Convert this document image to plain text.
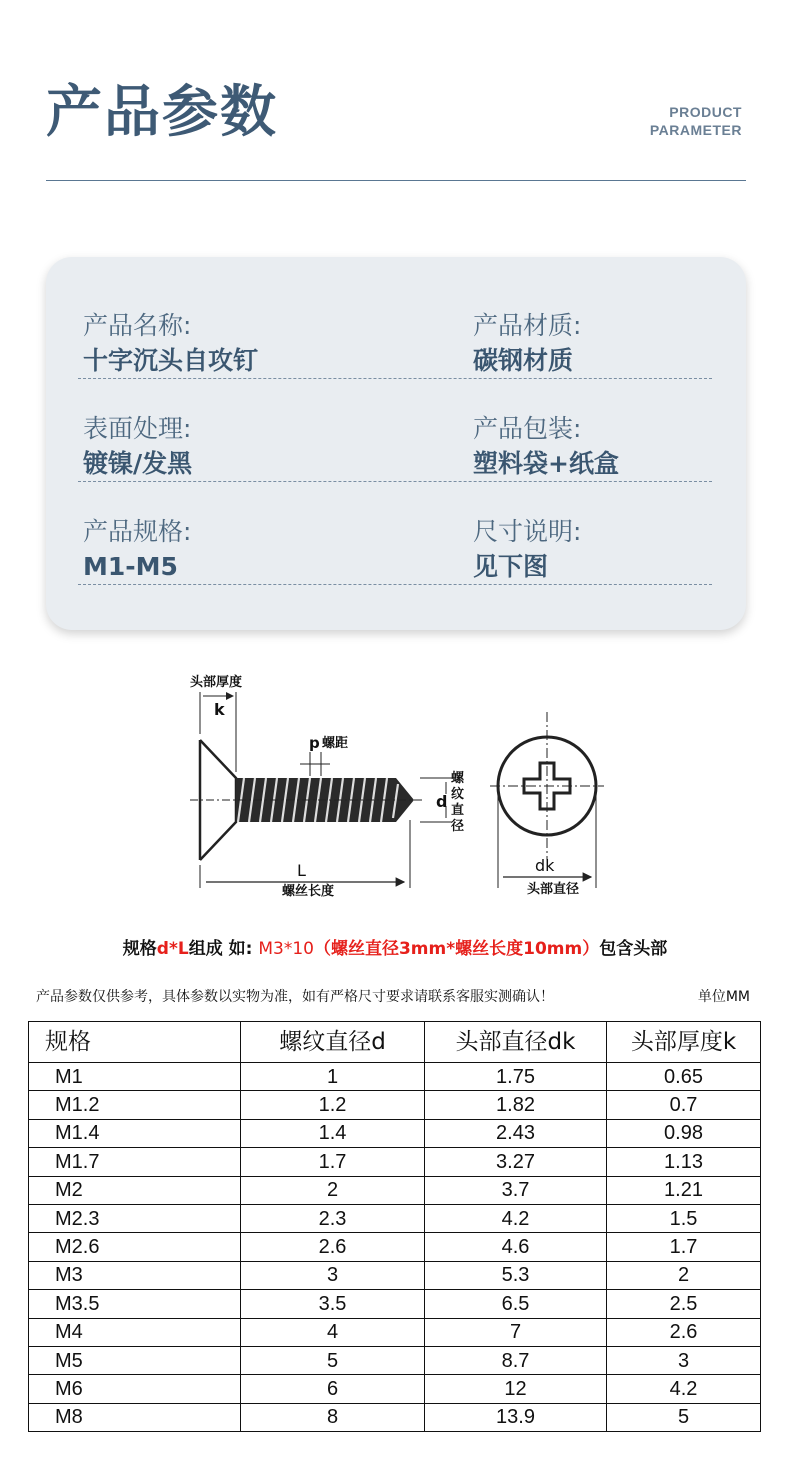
产品参数	PRODUCT
PARAMETER
产品名称:
十字沉头自攻钉
产品材质:
碳钢材质
表面处理:
镀镍/发黑
产品包装:
塑料袋+纸盒
产品规格:
M1-M5
尺寸说明:
见下图
头部厚度
k
p 螺距
d
螺
纹
直
径
L
螺丝长度
dk
头部直径
规格d*L组成 如: M3*10（螺丝直径3mm*螺丝长度10mm）包含头部
产品参数仅供参考，具体参数以实物为准，如有严格尺寸要求请联系客服实测确认！	单位MM
规格	螺纹直径d	头部直径dk	头部厚度k
M1	1	1.75	0.65
M1.2	1.2	1.82	0.7
M1.4	1.4	2.43	0.98
M1.7	1.7	3.27	1.13
M2	2	3.7	1.21
M2.3	2.3	4.2	1.5
M2.6	2.6	4.6	1.7
M3	3	5.3	2
M3.5	3.5	6.5	2.5
M4	4	7	2.6
M5	5	8.7	3
M6	6	12	4.2
M8	8	13.9	5
